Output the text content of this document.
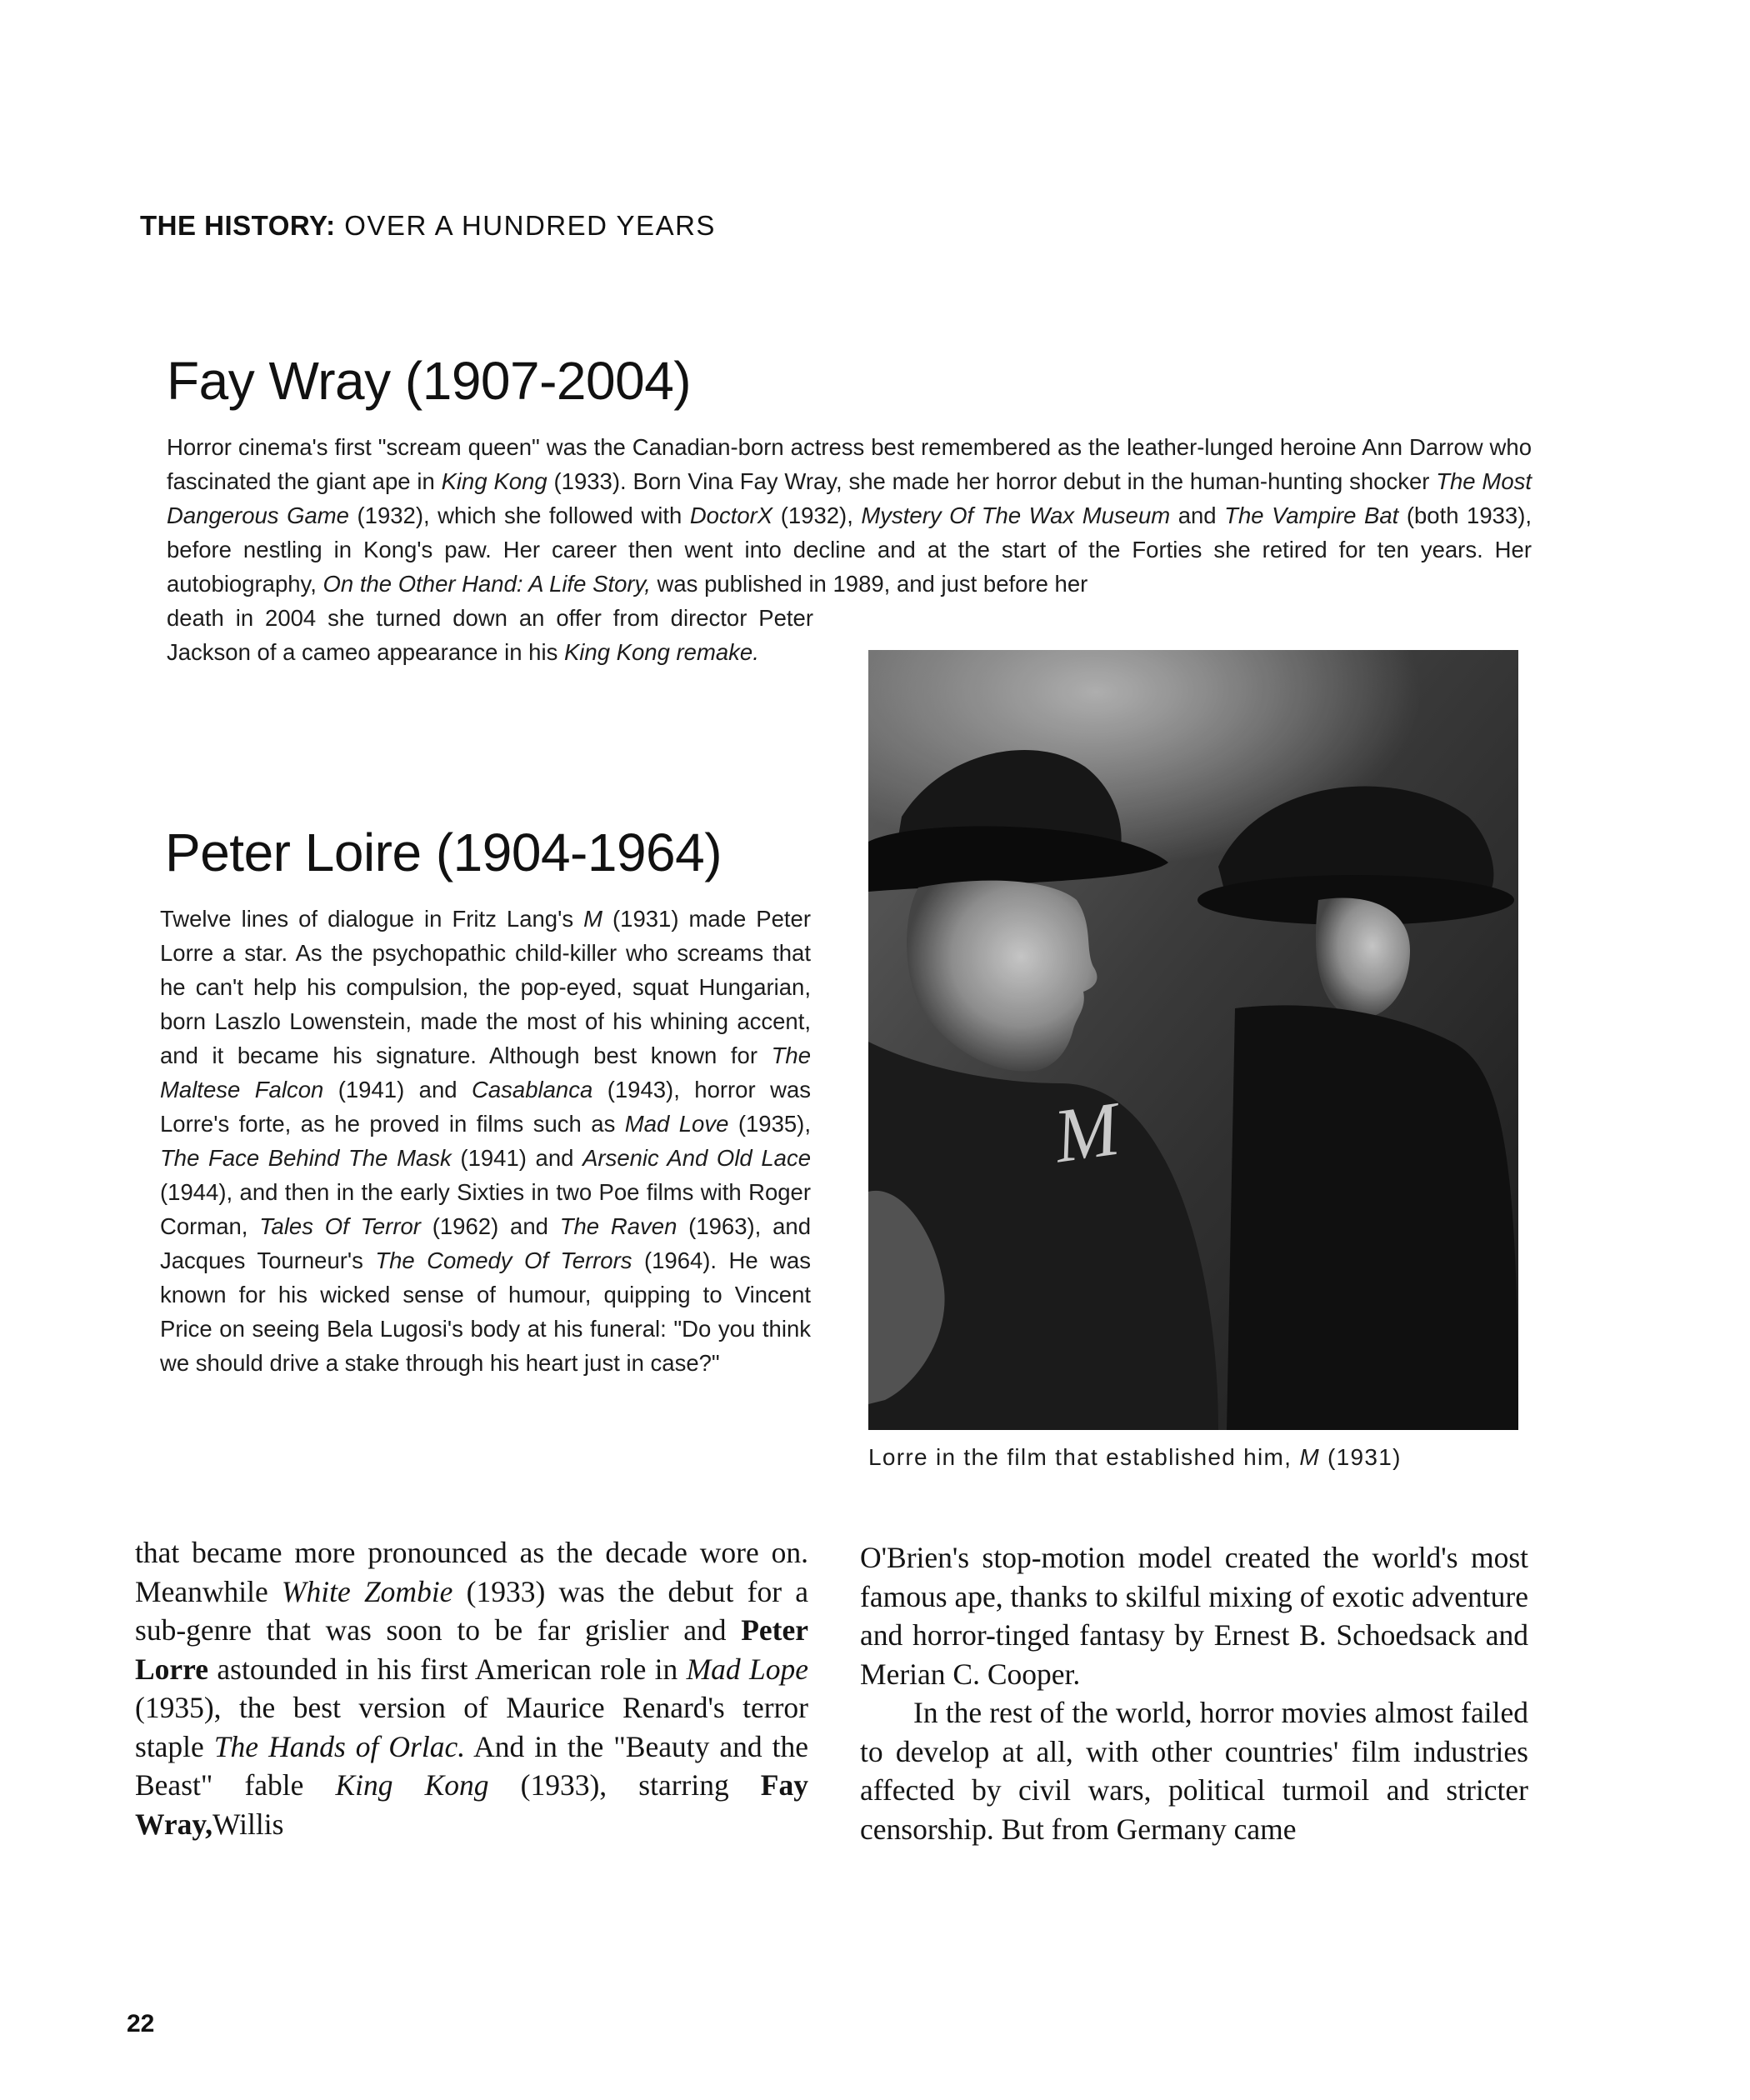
THE HISTORY: OVER A HUNDRED YEARS

Fay Wray (1907-2004)

Horror cinema's first "scream queen" was the Canadian-born actress best remembered as the leather-lunged heroine Ann Darrow who fascinated the giant ape in King Kong (1933). Born Vina Fay Wray, she made her horror debut in the human-hunting shocker The Most Dangerous Game (1932), which she followed with DoctorX (1932), Mystery Of The Wax Museum and The Vampire Bat (both 1933), before nestling in Kong's paw. Her career then went into decline and at the start of the Forties she retired for ten years. Her autobiography, On the Other Hand: A Life Story, was published in 1989, and just before her

death in 2004 she turned down an offer from director Peter Jackson of a cameo appearance in his King Kong remake.

Peter Loire (1904-1964)

Twelve lines of dialogue in Fritz Lang's M (1931) made Peter Lorre a star. As the psychopathic child-killer who screams that he can't help his compulsion, the pop-eyed, squat Hungarian, born Laszlo Lowenstein, made the most of his whining accent, and it became his signature. Although best known for The Maltese Falcon (1941) and Casablanca (1943), horror was Lorre's forte, as he proved in films such as Mad Love (1935), The Face Behind The Mask (1941) and Arsenic And Old Lace (1944), and then in the early Sixties in two Poe films with Roger Corman, Tales Of Terror (1962) and The Raven (1963), and Jacques Tourneur's The Comedy Of Terrors (1964). He was known for his wicked sense of humour, quipping to Vincent Price on seeing Bela Lugosi's body at his funeral: "Do you think we should drive a stake through his heart just in case?"

M

Lorre in the film that established him, M (1931)

that became more pronounced as the decade wore on. Meanwhile White Zombie (1933) was the debut for a sub-genre that was soon to be far grislier and Peter Lorre astounded in his first American role in Mad Lope (1935), the best version of Maurice Renard's terror staple The Hands of Orlac. And in the "Beauty and the Beast" fable King Kong (1933), starring Fay Wray,Willis

O'Brien's stop-motion model created the world's most famous ape, thanks to skilful mixing of exotic adventure and horror-tinged fantasy by Ernest B. Schoedsack and Merian C. Cooper.

In the rest of the world, horror movies almost failed to develop at all, with other countries' film industries affected by civil wars, political turmoil and stricter censorship. But from Germany came

22
